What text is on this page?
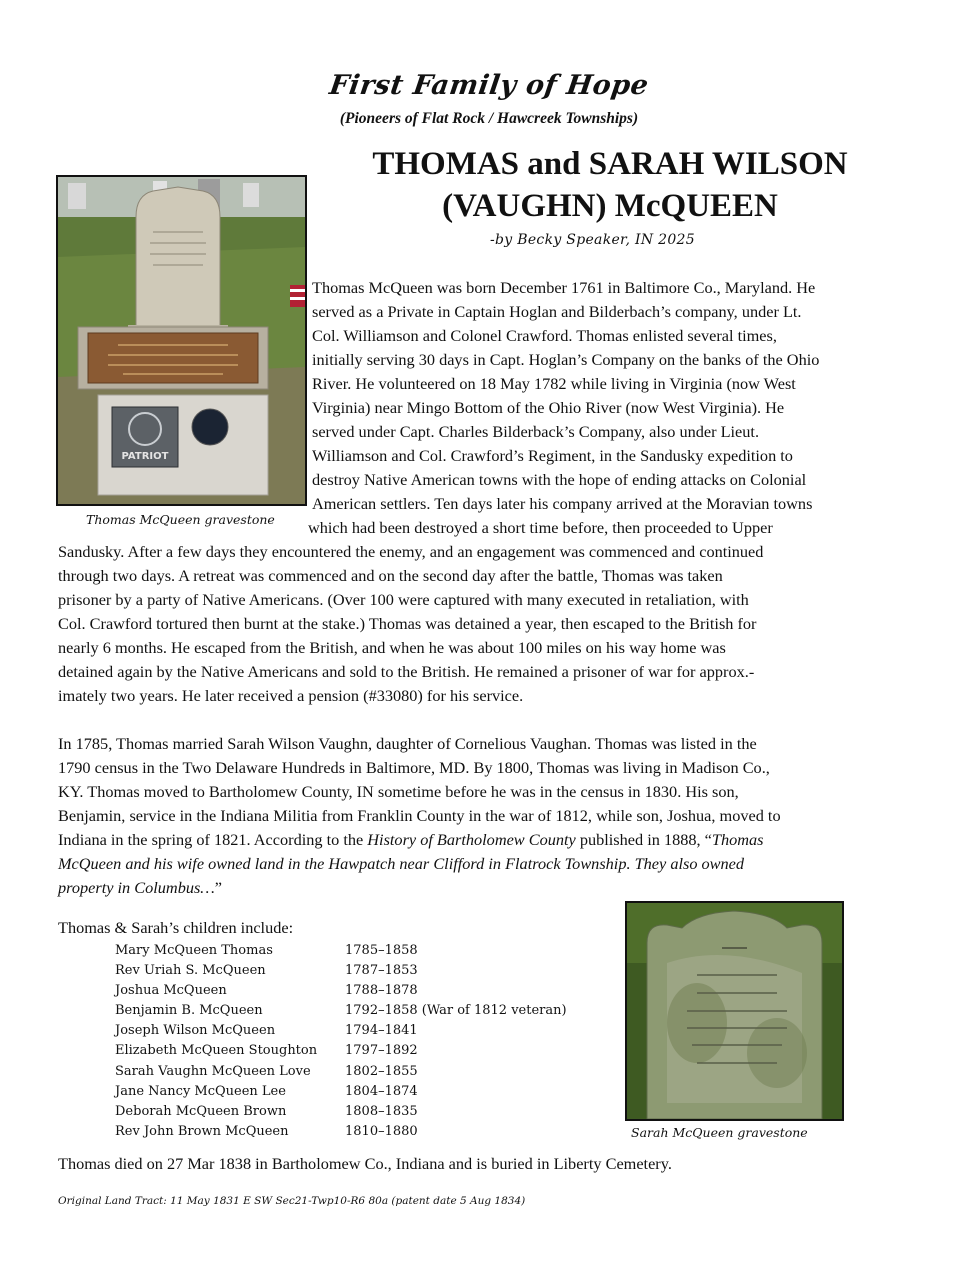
First Family of Hope
(Pioneers of Flat Rock / Hawcreek Townships)
THOMAS and SARAH WILSON
(VAUGHN) McQUEEN
-by Becky Speaker, IN 2025
PATRIOT
Thomas McQueen gravestone
Thomas McQueen was born December 1761 in Baltimore Co., Maryland. He
served as a Private in Captain Hoglan and Bilderbach’s company, under Lt.
Col. Williamson and Colonel Crawford. Thomas enlisted several times,
initially serving 30 days in Capt. Hoglan’s Company on the banks of the Ohio
River. He volunteered on 18 May 1782 while living in Virginia (now West
Virginia) near Mingo Bottom of the Ohio River (now West Virginia). He
served under Capt. Charles Bilderback’s Company, also under Lieut.
Williamson and Col. Crawford’s Regiment, in the Sandusky expedition to
destroy Native American towns with the hope of ending attacks on Colonial
American settlers. Ten days later his company arrived at the Moravian towns
which had been destroyed a short time before, then proceeded to Upper
Sandusky. After a few days they encountered the enemy, and an engagement was commenced and continued
through two days. A retreat was commenced and on the second day after the battle, Thomas was taken
prisoner by a party of Native Americans. (Over 100 were captured with many executed in retaliation, with
Col. Crawford tortured then burnt at the stake.) Thomas was detained a year, then escaped to the British for
nearly 6 months. He escaped from the British, and when he was about 100 miles on his way home was
detained again by the Native Americans and sold to the British. He remained a prisoner of war for approx.-
imately two years. He later received a pension (#33080) for his service.
In 1785, Thomas married Sarah Wilson Vaughn, daughter of Cornelious Vaughan. Thomas was listed in the
1790 census in the Two Delaware Hundreds in Baltimore, MD. By 1800, Thomas was living in Madison Co.,
KY. Thomas moved to Bartholomew County, IN sometime before he was in the census in 1830. His son,
Benjamin, service in the Indiana Militia from Franklin County in the war of 1812, while son, Joshua, moved to
Indiana in the spring of 1821. According to the History of Bartholomew County published in 1888, “Thomas
McQueen and his wife owned land in the Hawpatch near Clifford in Flatrock Township. They also owned
property in Columbus…”
Thomas & Sarah’s children include:
Mary McQueen Thomas	1785–1858
Rev Uriah S. McQueen	1787–1853
Joshua McQueen	1788–1878
Benjamin B. McQueen	1792–1858 (War of 1812 veteran)
Joseph Wilson McQueen	1794–1841
Elizabeth McQueen Stoughton	1797–1892
Sarah Vaughn McQueen Love	1802–1855
Jane Nancy McQueen Lee	1804–1874
Deborah McQueen Brown	1808–1835
Rev John Brown McQueen	1810–1880	Sarah McQueen gravestone
Thomas died on 27 Mar 1838 in Bartholomew Co., Indiana and is buried in Liberty Cemetery.
Original Land Tract: 11 May 1831 E SW Sec21-Twp10-R6 80a (patent date 5 Aug 1834)
